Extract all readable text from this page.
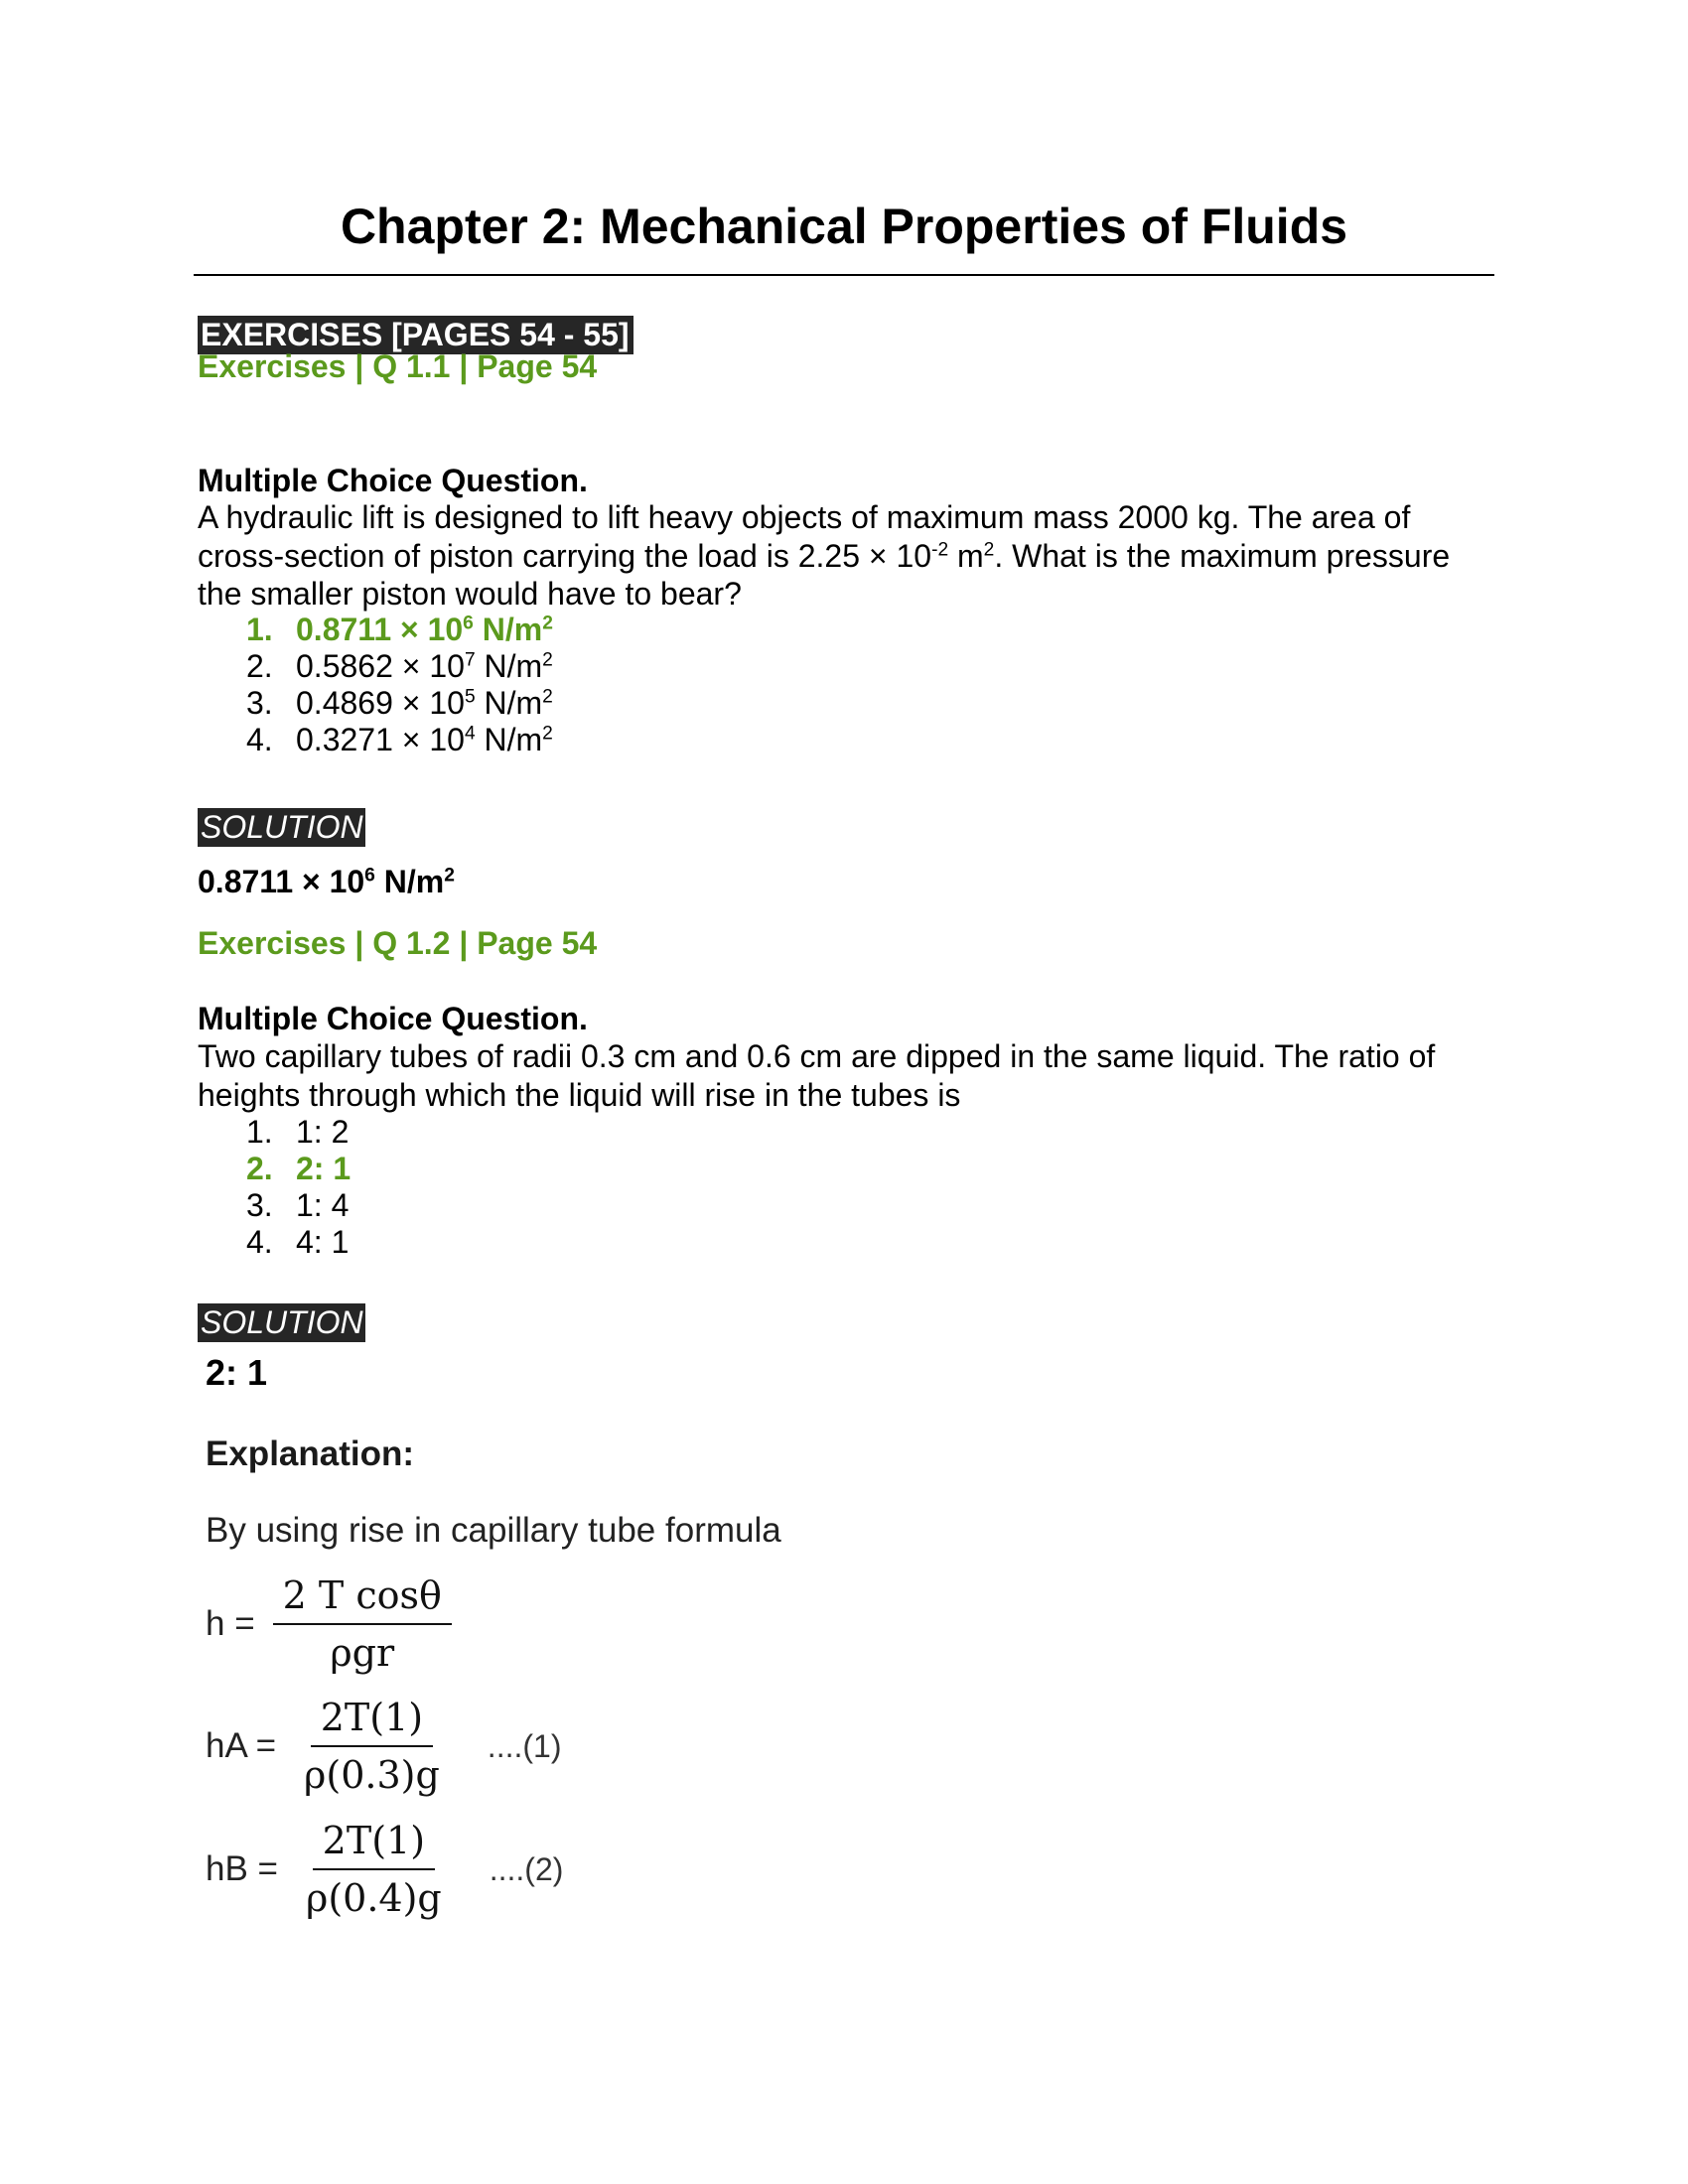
Chapter 2: Mechanical Properties of Fluids
EXERCISES [PAGES 54 - 55]
Exercises | Q 1.1 | Page 54
Multiple Choice Question.
A hydraulic lift is designed to lift heavy objects of maximum mass 2000 kg. The area of cross-section of piston carrying the load is $2.25 \times 10^{-2}$ $m^2$. What is the maximum pressure the smaller piston would have to bear?
1. $0.8711 \times 10^6$ $N/m^2$
2. $0.5862 \times 10^7$ $N/m^2$
3. $0.4869 \times 10^5$ $N/m^2$
4. $0.3271 \times 10^4$ $N/m^2$
SOLUTION
$0.8711 \times 10^6$ $N/m^2$
Exercises | Q 1.2 | Page 54
Multiple Choice Question.
Two capillary tubes of radii 0.3 cm and 0.6 cm are dipped in the same liquid. The ratio of heights through which the liquid will rise in the tubes is
1. 1: 2
2. 2: 1
3. 1: 4
4. 4: 1
SOLUTION
2: 1
Explanation:
By using rise in capillary tube formula
$h = \frac{\text{2 T cosθ}}{\text{ρgr}}$
hA = $\frac{2T(1)}{\rho(0.3)g} ....(1)$
hB = $\frac{2T(1)}{\rho(0.4)g} ....(2)$
